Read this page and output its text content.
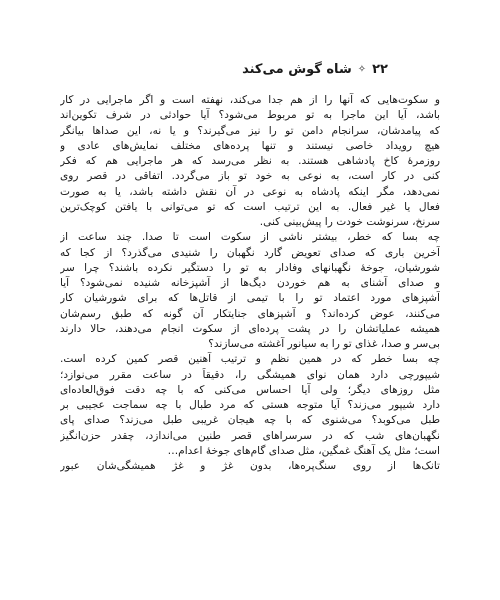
۲۲
✧
شاه گوش می‌کند
و سکوت‌هایی که آنها را از هم جدا می‌کند، نهفته است و اگر ماجرایی در کار
باشد، آیا این ماجرا به تو مربوط می‌شود؟ آیا حوادثی در شرف تکوین‌اند
که پیامدشان، سرانجام دامن تو را نیز می‌گیرند؟ و یا نه، این صداها بیانگر
هیچ رویداد خاصی نیستند و تنها پرده‌های مختلف نمایش‌های عادی و
روزمرهٔ کاخ پادشاهی هستند. به نظر می‌رسد که هر ماجرایی هم که فکر
کنی در کار است، به نوعی به خود تو باز می‌گردد. اتفاقی در قصر روی
نمی‌دهد، مگر اینکه پادشاه به نوعی در آن نقش داشته باشد، یا به صورت
فعال یا غیر فعال. به این ترتیب است که تو می‌توانی با یافتن کوچک‌ترین
سرنخ، سرنوشت خودت را پیش‌بینی کنی.
چه بسا که خطر، بیشتر ناشی از سکوت است تا صدا. چند ساعت از
آخرین باری که صدای تعویض گارد نگهبان را شنیدی می‌گذرد؟ از کجا که
شورشیان، جوخهٔ نگهبانهای وفادار به تو را دستگیر نکرده باشند؟ چرا سر
و صدای آشنای به هم خوردن دیگ‌ها از آشپزخانه شنیده نمی‌شود؟ آیا
آشپزهای مورد اعتماد تو را با تیمی از قاتل‌ها که برای شورشیان کار
می‌کنند، عوض کرده‌اند؟ و آشپزهای جنایتکار آن گونه که طبق رسم‌شان
همیشه عملیاتشان را در پشت پرده‌ای از سکوت انجام می‌دهند، حالا دارند
بی‌سر و صدا، غذای تو را به سیانور آغشته می‌سازند؟
چه بسا خطر که در همین نظم و ترتیب آهنین قصر کمین کرده است.
شیپورچی دارد همان نوای همیشگی را، دقیقاً در ساعت مقرر می‌نوازد؛
مثل روزهای دیگر؛ ولی آیا احساس می‌کنی که با چه دقت فوق‌العاده‌ای
دارد شیپور می‌زند؟ آیا متوجه هستی که مرد طبال با چه سماجت عجیبی بر
طبل می‌کوبد؟ می‌شنوی که با چه هیجان غریبی طبل می‌زند؟ صدای پای
نگهبان‌های شب که در سرسراهای قصر طنین می‌اندازد، چقدر حزن‌انگیز
است؛ مثل یک آهنگ غمگین، مثل صدای گام‌های جوخهٔ اعدام…
تانک‌ها از روی سنگ‌پره‌ها، بدون غژ و غژ همیشگی‌شان عبور
